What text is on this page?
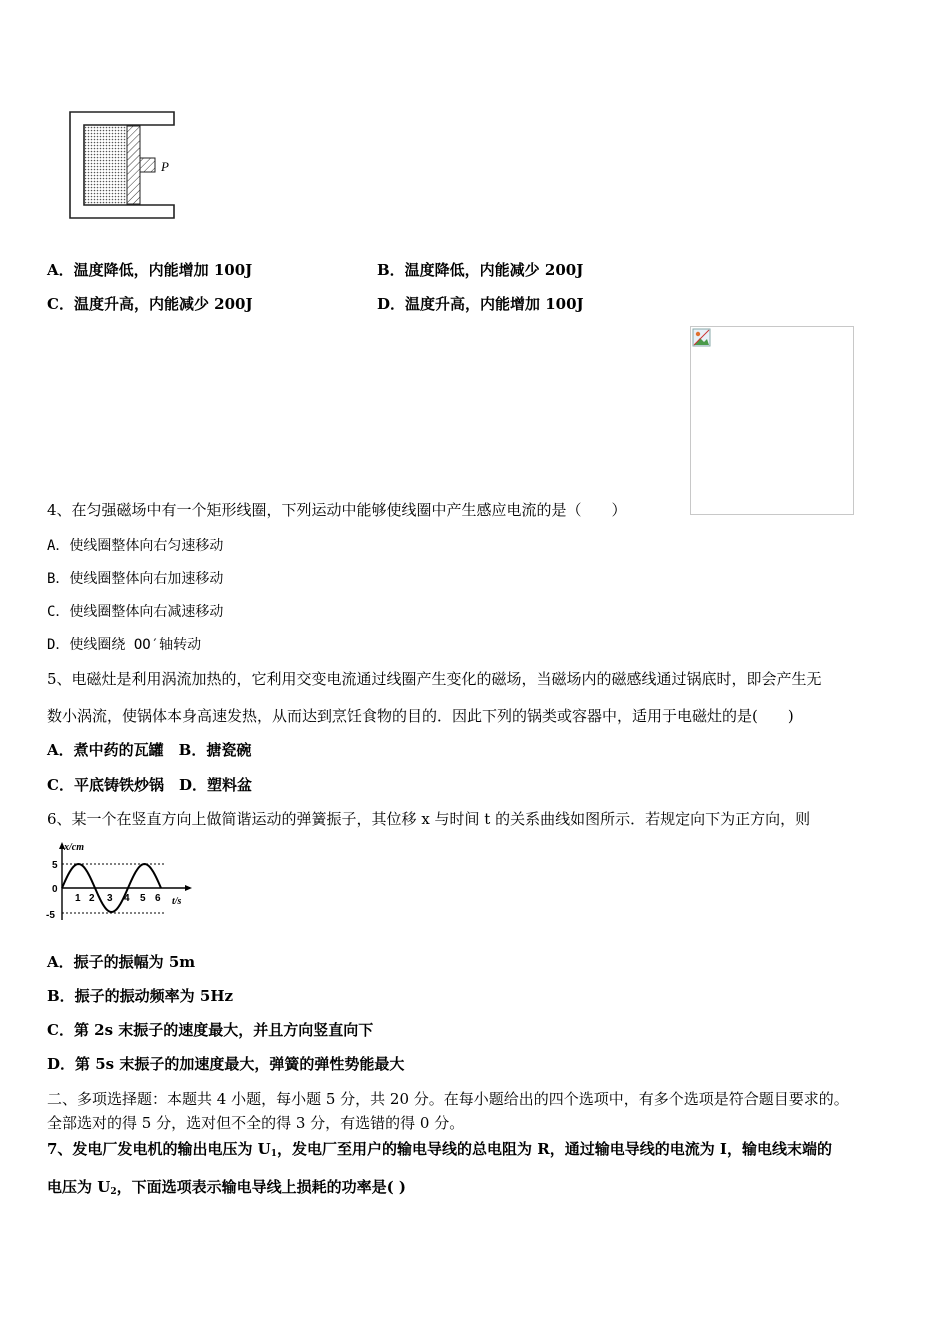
P
A．温度降低，内能增加 100J	B．温度降低，内能减少 200J
C．温度升高，内能减少 200J	D．温度升高，内能增加 100J
4、在匀强磁场中有一个矩形线圈，下列运动中能够使线圈中产生感应电流的是（　　）
A．使线圈整体向右匀速移动
B．使线圈整体向右加速移动
C．使线圈整体向右减速移动
D．使线圈绕 OO′轴转动
5、电磁灶是利用涡流加热的，它利用交变电流通过线圈产生变化的磁场，当磁场内的磁感线通过锅底时，即会产生无
数小涡流，使锅体本身高速发热，从而达到烹饪食物的目的．因此下列的锅类或容器中，适用于电磁灶的是(　　)
A．煮中药的瓦罐　B．搪瓷碗
C．平底铸铁炒锅　D．塑料盆
6、某一个在竖直方向上做简谐运动的弹簧振子，其位移 x 与时间 t 的关系曲线如图所示．若规定向下为正方向，则
x/cm
t/s
5
0
-5
1 2 3 4 5 6
A．振子的振幅为 5m
B．振子的振动频率为 5Hz
C．第 2s 末振子的速度最大，并且方向竖直向下
D．第 5s 末振子的加速度最大，弹簧的弹性势能最大
二、多项选择题：本题共 4 小题，每小题 5 分，共 20 分。在每小题给出的四个选项中，有多个选项是符合题目要求的。
全部选对的得 5 分，选对但不全的得 3 分，有选错的得 0 分。
7、发电厂发电机的输出电压为 $U_1$，发电厂至用户的输电导线的总电阻为 R，通过输电导线的电流为 I，输电线末端的
电压为 $U_2$，下面选项表示输电导线上损耗的功率是( )
